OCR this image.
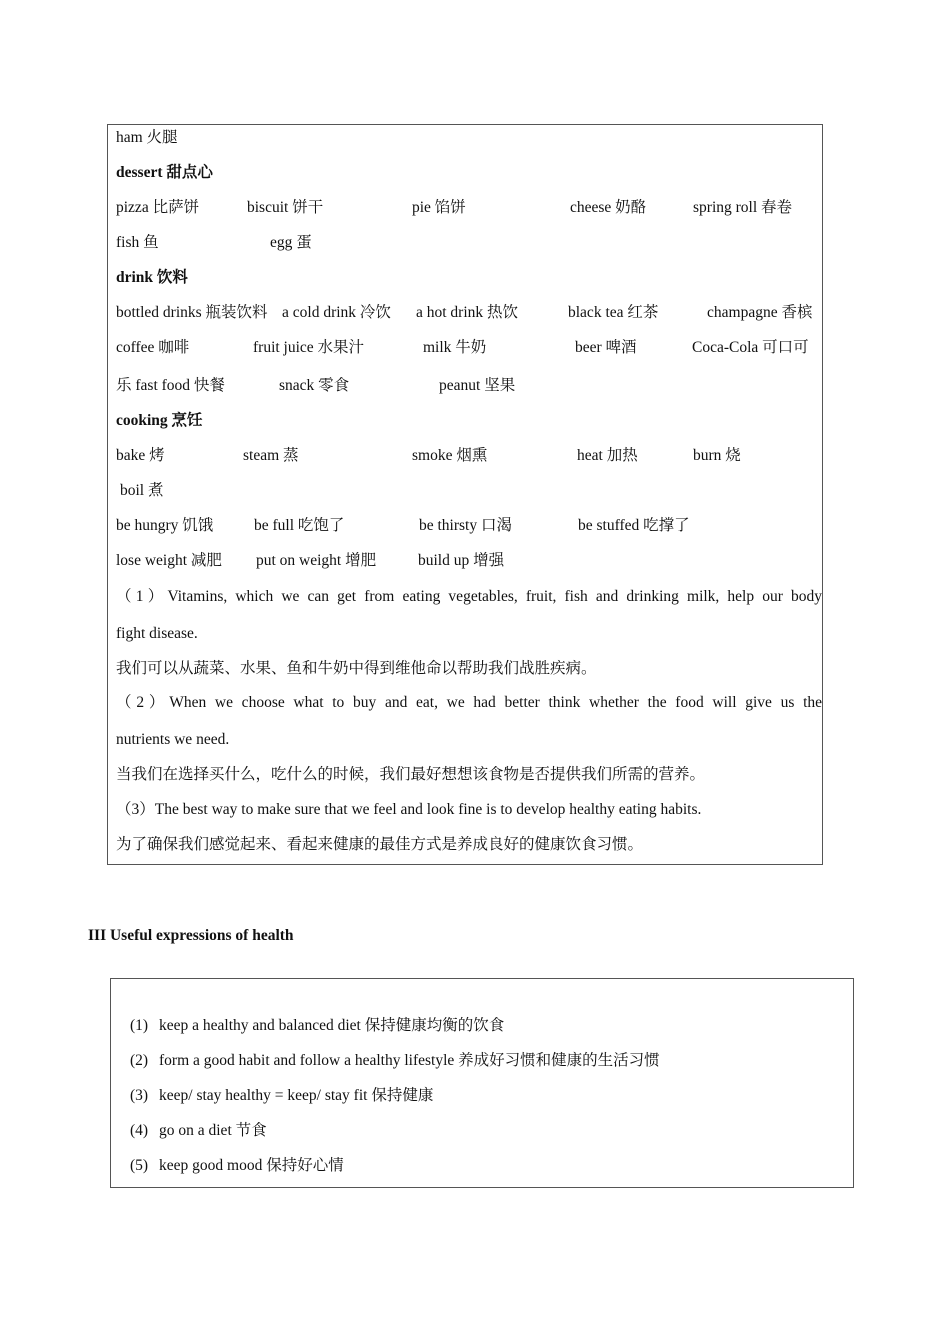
ham 火腿
dessert 甜点心
pizza 比萨饼	biscuit 饼干	pie 馅饼	cheese 奶酪	spring roll 春卷
fish 鱼	egg 蛋
drink 饮料
bottled drinks 瓶装饮料 a cold drink 冷饮 a hot drink 热饮	black tea 红茶	champagne 香槟
coffee 咖啡	fruit juice 水果汁	milk 牛奶	beer 啤酒	Coca-Cola 可口可
乐 fast food 快餐	snack 零食	peanut 坚果
cooking 烹饪
bake 烤	steam 蒸	smoke 烟熏	heat 加热	burn 烧
boil 煮
be hungry 饥饿	be full 吃饱了	be thirsty 口渴	be stuffed 吃撑了
lose weight 减肥 put on weight 增肥	build up 增强
（1）Vitamins, which we can get from eating vegetables, fruit, fish and drinking milk, help our body
fight disease.
我们可以从蔬菜、水果、鱼和牛奶中得到维他命以帮助我们战胜疾病。
（2）When we choose what to buy and eat, we had better think whether the food will give us the
nutrients we need.
当我们在选择买什么，吃什么的时候，我们最好想想该食物是否提供我们所需的营养。
（3）The best way to make sure that we feel and look fine is to develop healthy eating habits.
为了确保我们感觉起来、看起来健康的最佳方式是养成良好的健康饮食习惯。
III Useful expressions of health
(1) keep a healthy and balanced diet 保持健康均衡的饮食
(2) form a good habit and follow a healthy lifestyle 养成好习惯和健康的生活习惯
(3) keep/ stay healthy = keep/ stay fit 保持健康
(4) go on a diet 节食
(5) keep good mood 保持好心情
